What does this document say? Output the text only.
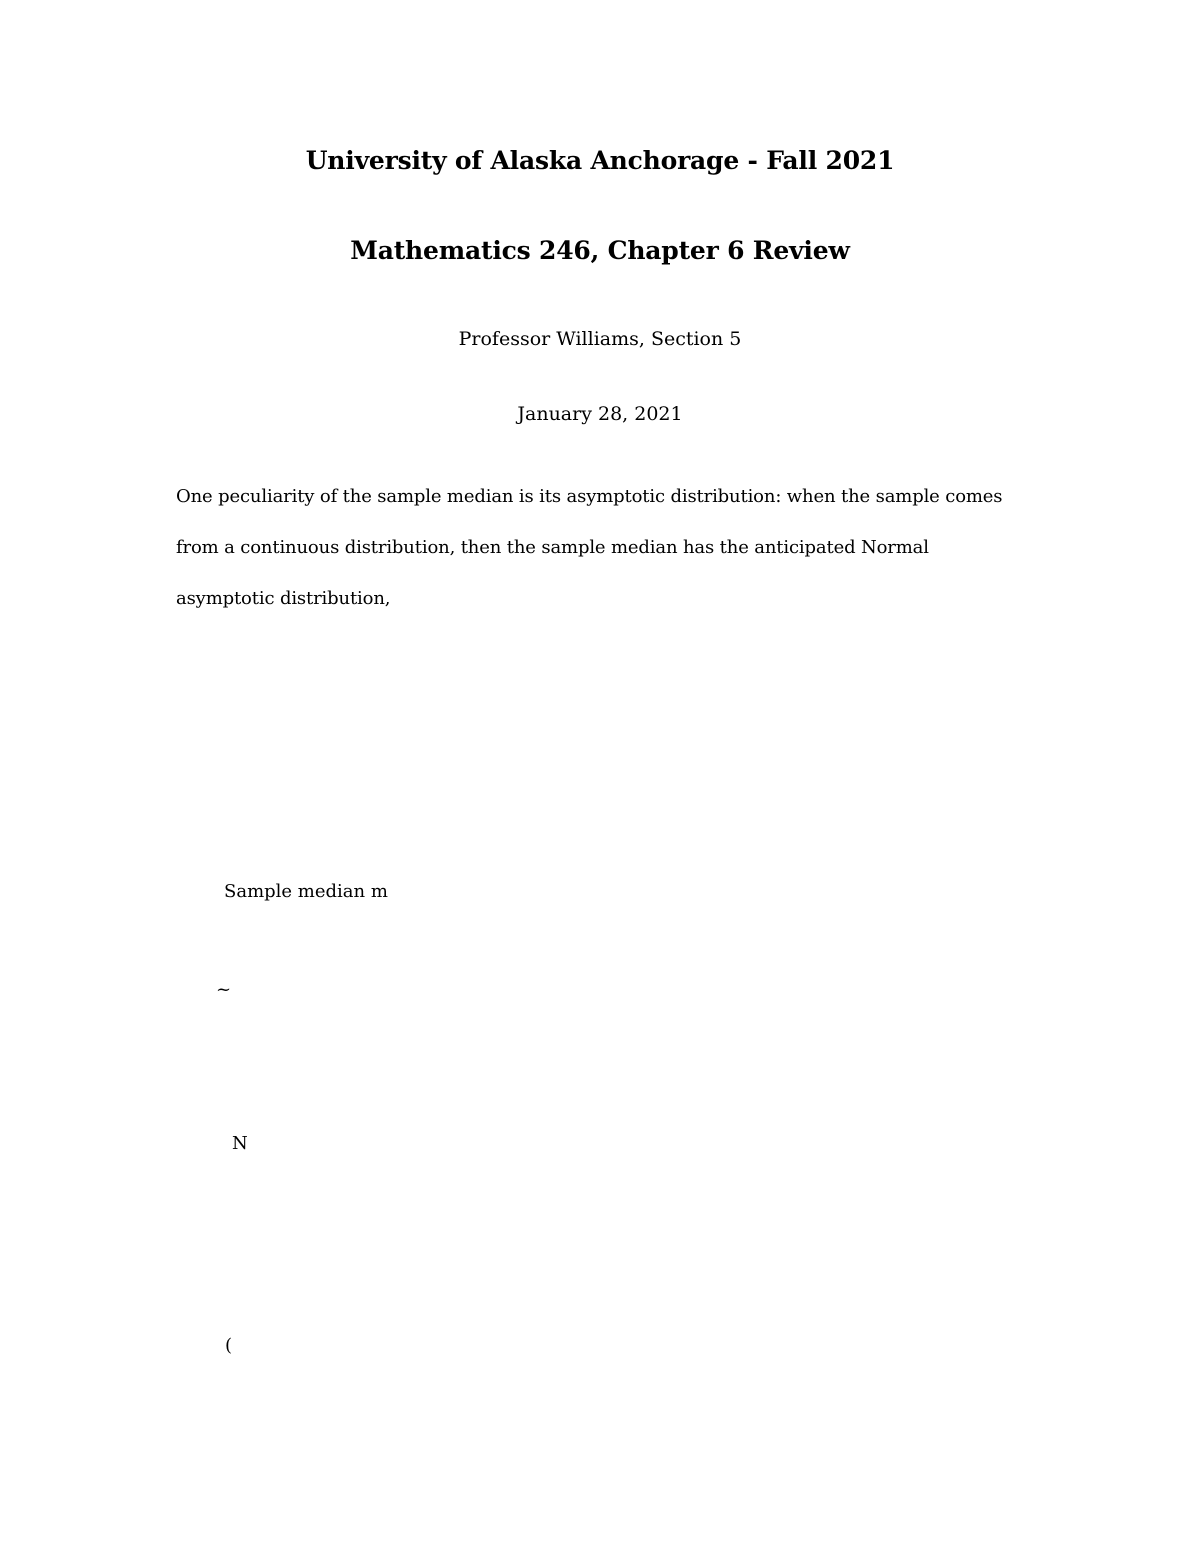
University of Alaska Anchorage - Fall 2021
Mathematics 246, Chapter 6 Review

Professor Williams, Section 5

January 28, 2021

One peculiarity of the sample median is its asymptotic distribution: when the sample comes
from a continuous distribution, then the sample median has the anticipated Normal
asymptotic distribution,

Sample median m

~

N

(
